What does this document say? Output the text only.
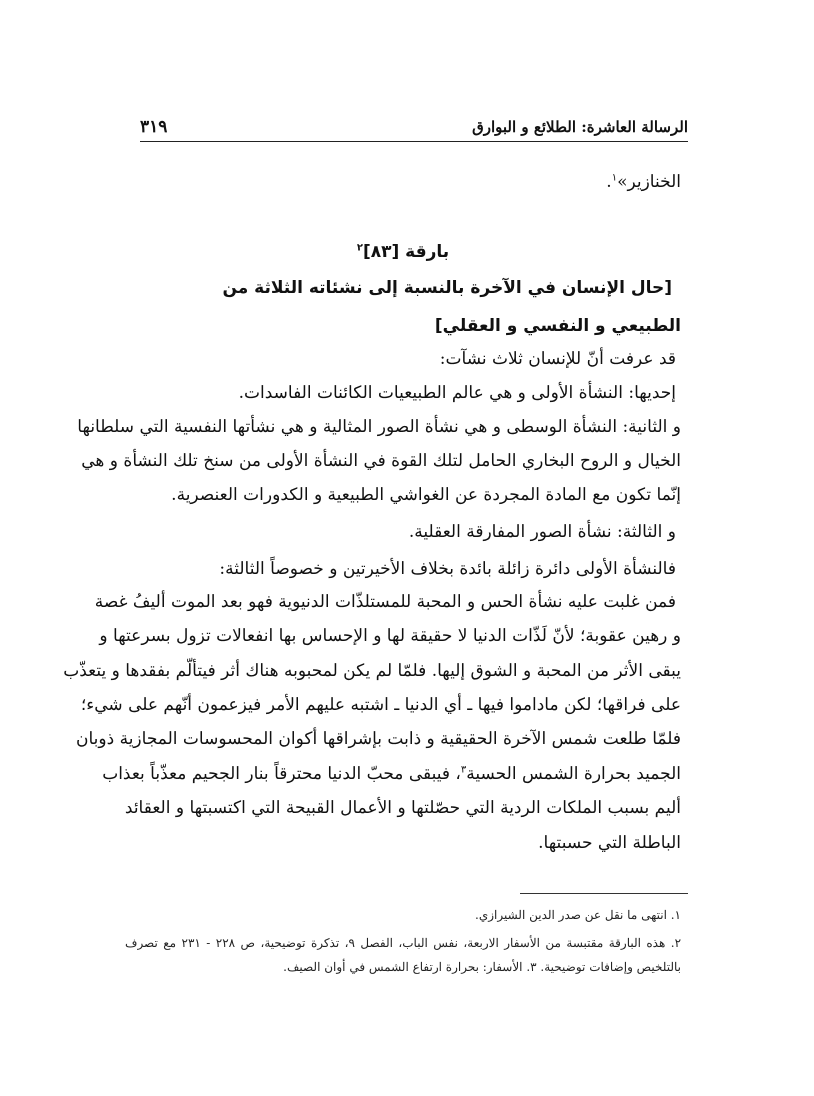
الرسالة العاشرة: الطلائع و البوارق
٣١٩
الخنازير»$^١$.
بارقة [٨٣]$^٢$
[حال الإنسان في الآخرة بالنسبة إلى نشئاته الثلاثة من
الطبيعي و النفسي و العقلي]
قد عرفت أنّ للإنسان ثلاث نشآت:
إحديها: النشأة الأولى و هي عالم الطبيعيات الكائنات الفاسدات.
و الثانية: النشأة الوسطى و هي نشأة الصور المثالية و هي نشأتها النفسية التي سلطانها
الخيال و الروح البخاري الحامل لتلك القوة في النشأة الأولى من سنخ تلك النشأة و هي
إنّما تكون مع المادة المجردة عن الغواشي الطبيعية و الكدورات العنصرية.
و الثالثة: نشأة الصور المفارقة العقلية.
فالنشأة الأولى دائرة زائلة بائدة بخلاف الأخيرتين و خصوصاً الثالثة:
فمن غلبت عليه نشأة الحس و المحبة للمستلذّات الدنيوية فهو بعد الموت أليفُ غصة
و رهين عقوبة؛ لأنّ لَذّات الدنيا لا حقيقة لها و الإحساس بها انفعالات تزول بسرعتها و
يبقى الأثر من المحبة و الشوق إليها. فلمّا لم يكن لمحبوبه هناك أثر فيتألّم بفقدها و يتعذّب
على فراقها؛ لكن ماداموا فيها ـ أي الدنيا ـ اشتبه عليهم الأمر فيزعمون أنّهم على شيء؛
فلمّا طلعت شمس الآخرة الحقيقية و ذابت بإشراقها أكوان المحسوسات المجازية ذوبان
الجميد بحرارة الشمس الحسية$^٣$، فيبقى محبّ الدنيا محترقاً بنار الجحيم معذّباً بعذاب
أليم بسبب الملكات الردية التي حصّلتها و الأعمال القبيحة التي اكتسبتها و العقائد
الباطلة التي حسبتها.
١. انتهى ما نقل عن صدر الدين الشيرازي.
٢. هذه البارقة مقتبسة من الأسفار الاربعة، نفس الباب، الفصل ٩، تذكرة توضيحية، ص ٢٢٨ - ٢٣١ مع تصرف
بالتلخيص وإضافات توضيحية. ٣. الأسفار: بحرارة ارتفاع الشمس في أوان الصيف.
